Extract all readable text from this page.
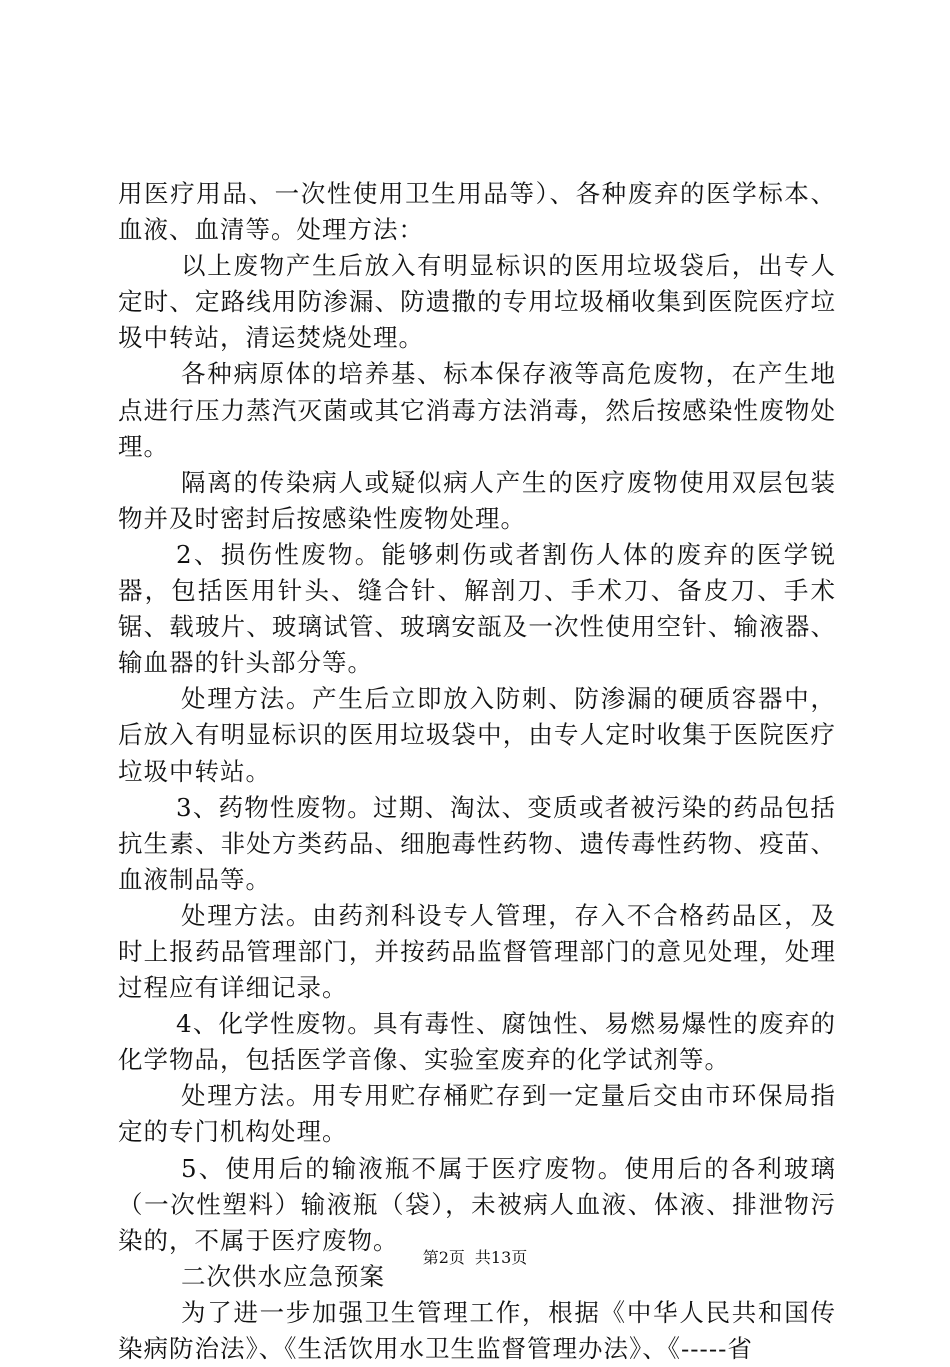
用医疗用品、一次性使用卫生用品等）、各种废弃的医学标本、血液、血清等。处理方法：

以上废物产生后放入有明显标识的医用垃圾袋后，出专人定时、定路线用防渗漏、防遗撒的专用垃圾桶收集到医院医疗垃圾中转站，清运焚烧处理。

各种病原体的培养基、标本保存液等高危废物，在产生地点进行压力蒸汽灭菌或其它消毒方法消毒，然后按感染性废物处理。

隔离的传染病人或疑似病人产生的医疗废物使用双层包装物并及时密封后按感染性废物处理。

2、损伤性废物。能够刺伤或者割伤人体的废弃的医学锐器，包括医用针头、缝合针、解剖刀、手术刀、备皮刀、手术锯、载玻片、玻璃试管、玻璃安瓿及一次性使用空针、输液器、输血器的针头部分等。

处理方法。产生后立即放入防刺、防渗漏的硬质容器中，后放入有明显标识的医用垃圾袋中，由专人定时收集于医院医疗垃圾中转站。

3、药物性废物。过期、淘汰、变质或者被污染的药品包括抗生素、非处方类药品、细胞毒性药物、遗传毒性药物、疫苗、血液制品等。

处理方法。由药剂科设专人管理，存入不合格药品区，及时上报药品管理部门，并按药品监督管理部门的意见处理，处理过程应有详细记录。

4、化学性废物。具有毒性、腐蚀性、易燃易爆性的废弃的化学物品，包括医学音像、实验室废弃的化学试剂等。

处理方法。用专用贮存桶贮存到一定量后交由市环保局指定的专门机构处理。

5、使用后的输液瓶不属于医疗废物。使用后的各利玻璃（一次性塑料）输液瓶（袋），未被病人血液、体液、排泄物污染的，不属于医疗废物。

二次供水应急预案

为了进一步加强卫生管理工作，根据《中华人民共和国传染病防治法》、《生活饮用水卫生监督管理办法》、《-----省

第2页 共13页
